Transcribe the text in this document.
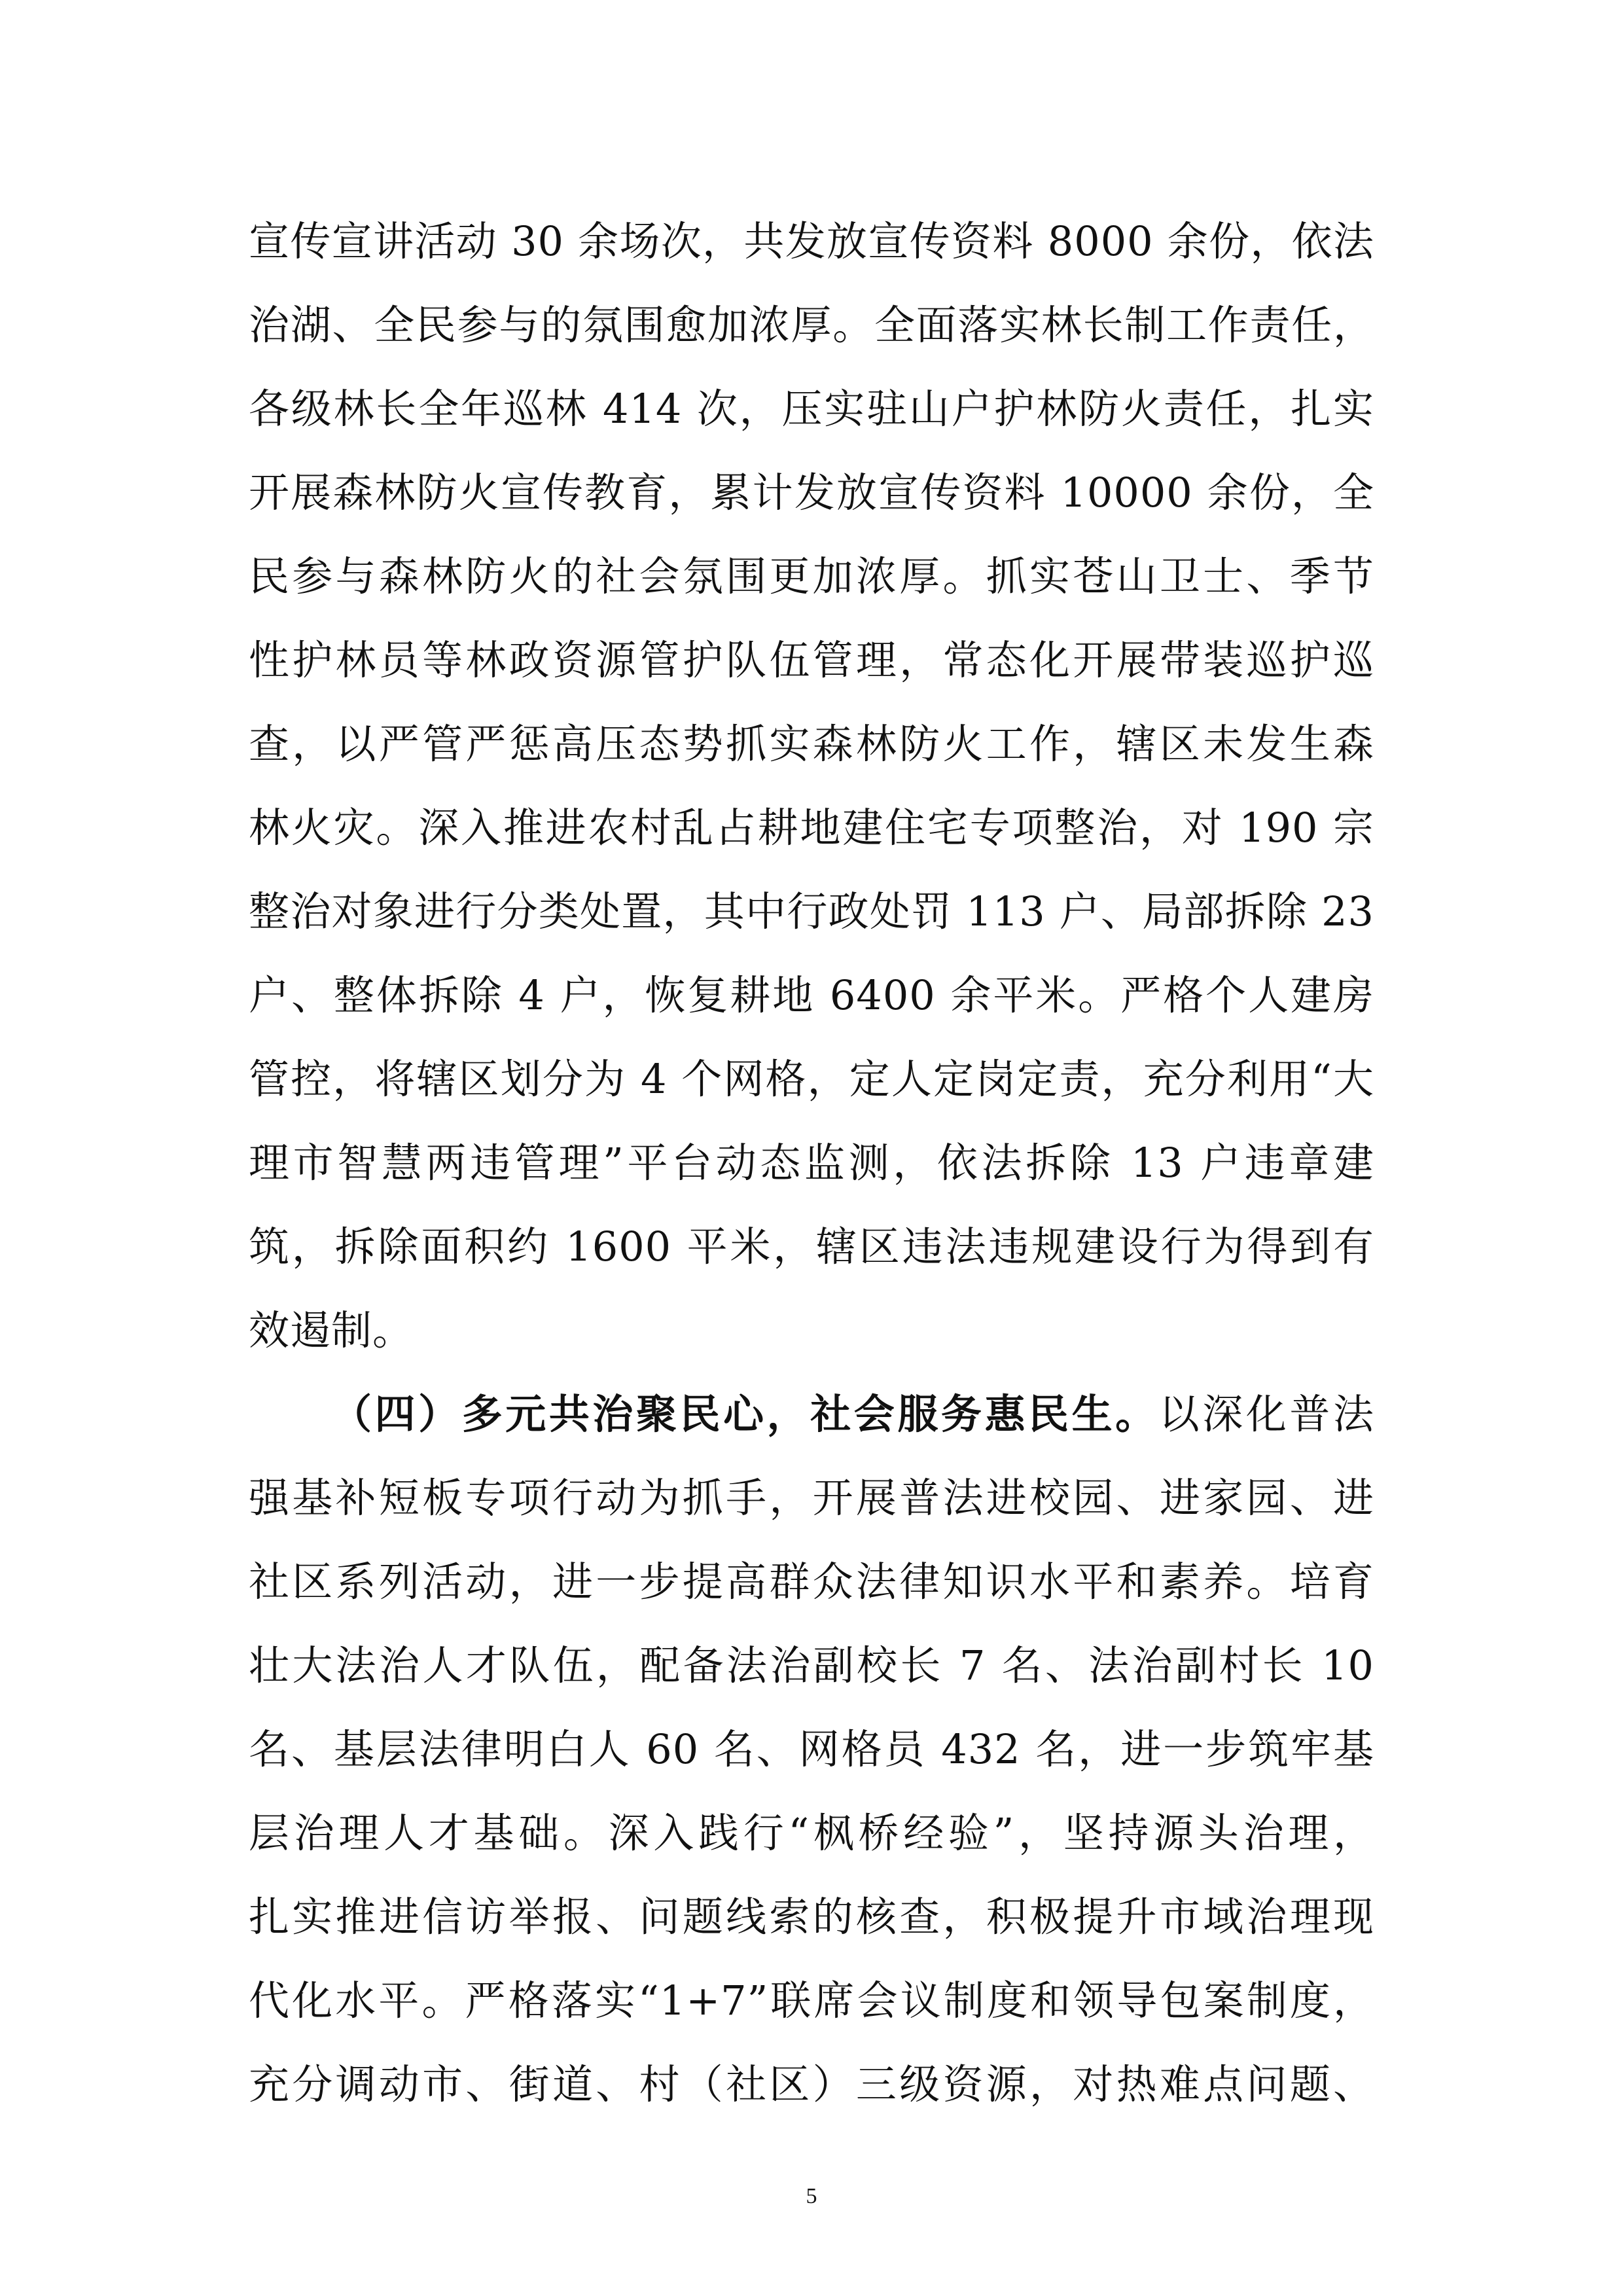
宣传宣讲活动 30 余场次，共发放宣传资料 8000 余份，依法
治湖、全民参与的氛围愈加浓厚。全面落实林长制工作责任，
各级林长全年巡林 414 次，压实驻山户护林防火责任，扎实
开展森林防火宣传教育，累计发放宣传资料 10000 余份，全
民参与森林防火的社会氛围更加浓厚。抓实苍山卫士、季节
性护林员等林政资源管护队伍管理，常态化开展带装巡护巡
查，以严管严惩高压态势抓实森林防火工作，辖区未发生森
林火灾。深入推进农村乱占耕地建住宅专项整治，对 190 宗
整治对象进行分类处置，其中行政处罚 113 户、局部拆除 23
户、整体拆除 4 户，恢复耕地 6400 余平米。严格个人建房
管控，将辖区划分为 4 个网格，定人定岗定责，充分利用“大
理市智慧两违管理”平台动态监测，依法拆除 13 户违章建
筑，拆除面积约 1600 平米，辖区违法违规建设行为得到有
效遏制。
（四）多元共治聚民心，社会服务惠民生。以深化普法
强基补短板专项行动为抓手，开展普法进校园、进家园、进
社区系列活动，进一步提高群众法律知识水平和素养。培育
壮大法治人才队伍，配备法治副校长 7 名、法治副村长 10
名、基层法律明白人 60 名、网格员 432 名，进一步筑牢基
层治理人才基础。深入践行“枫桥经验”，坚持源头治理，
扎实推进信访举报、问题线索的核查，积极提升市域治理现
代化水平。严格落实“1+7”联席会议制度和领导包案制度，
5
充分调动市、街道、村（社区）三级资源，对热难点问题、
